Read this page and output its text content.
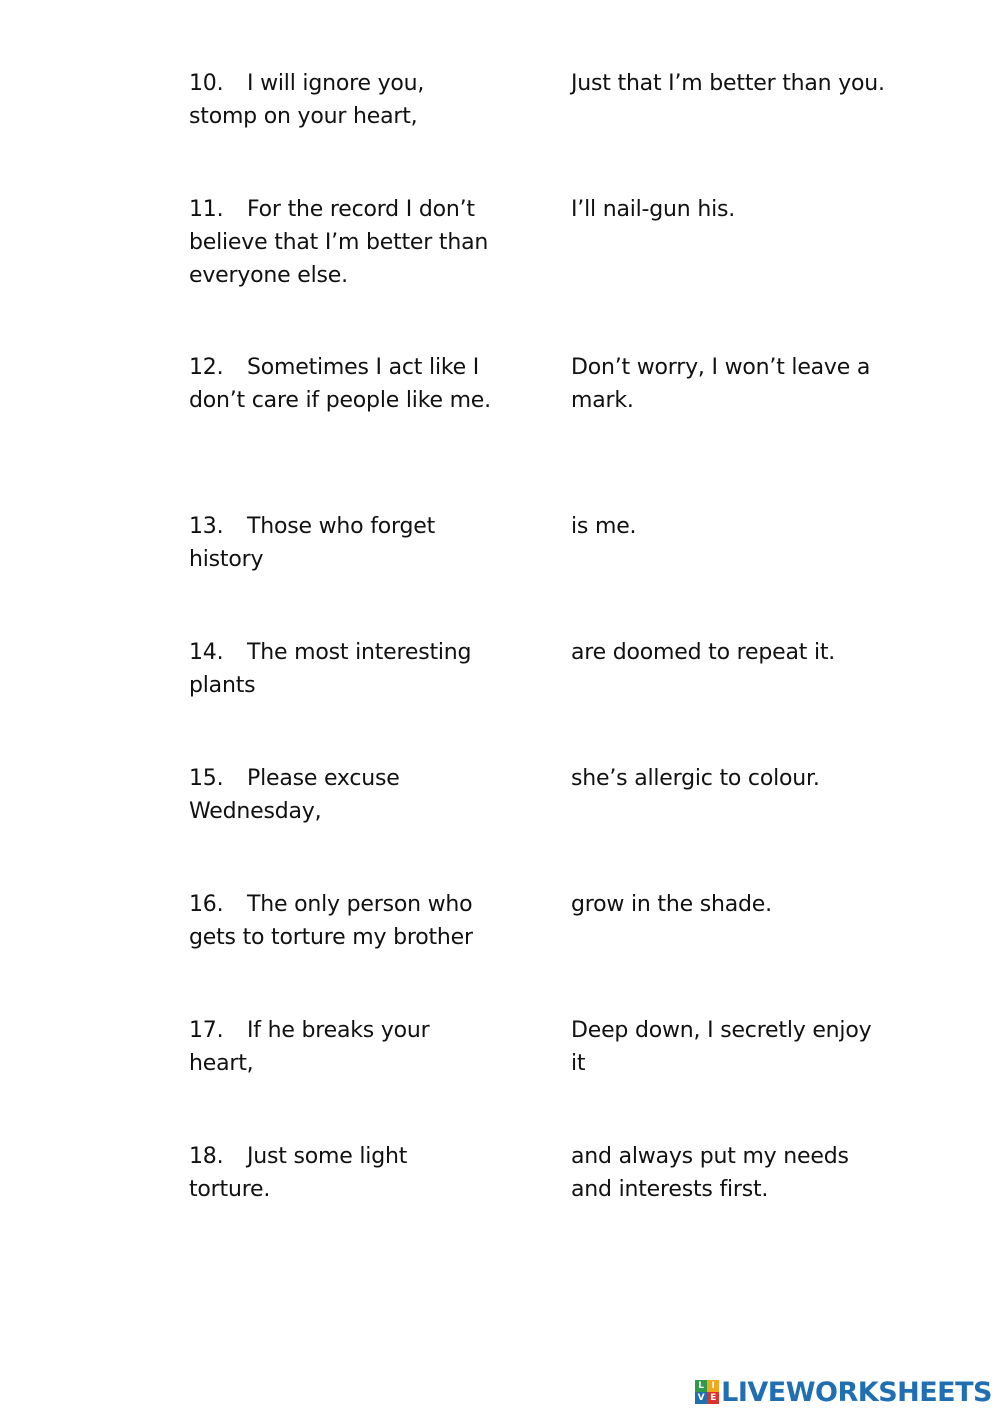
10. I will ignore you, stomp on your heart,
Just that I’m better than you.
11. For the record I don’t believe that I’m better than everyone else.
I’ll nail-gun his.
12. Sometimes I act like I don’t care if people like me.
Don’t worry, I won’t leave a mark.
13. Those who forget history
is me.
14. The most interesting plants
are doomed to repeat it.
15. Please excuse Wednesday,
she’s allergic to colour.
16. The only person who gets to torture my brother
grow in the shade.
17. If he breaks your heart,
Deep down, I secretly enjoy it
18. Just some light torture.
and always put my needs and interests first.
L I
V E LIVEWORKSHEETS
